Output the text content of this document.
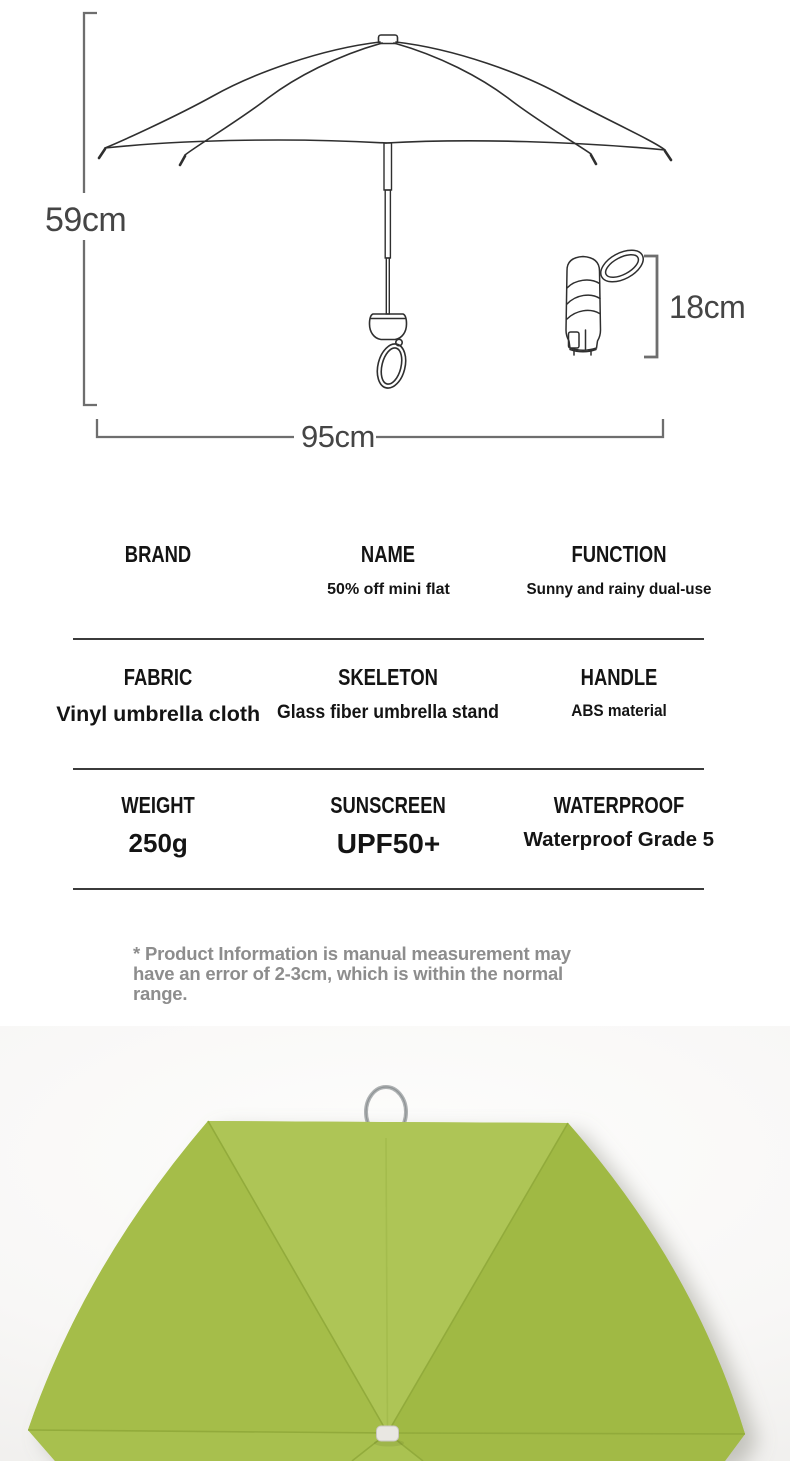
59cm
95cm
18cm
BRAND	NAME
50% off mini flat
FUNCTION
Sunny and rainy dual-use
FABRIC
Vinyl umbrella cloth
SKELETON
Glass fiber umbrella stand
HANDLE
ABS material
WEIGHT
250g
SUNSCREEN
UPF50+
WATERPROOF
Waterproof Grade 5
* Product Information is manual measurement may
have an error of 2-3cm, which is within the normal
range.
